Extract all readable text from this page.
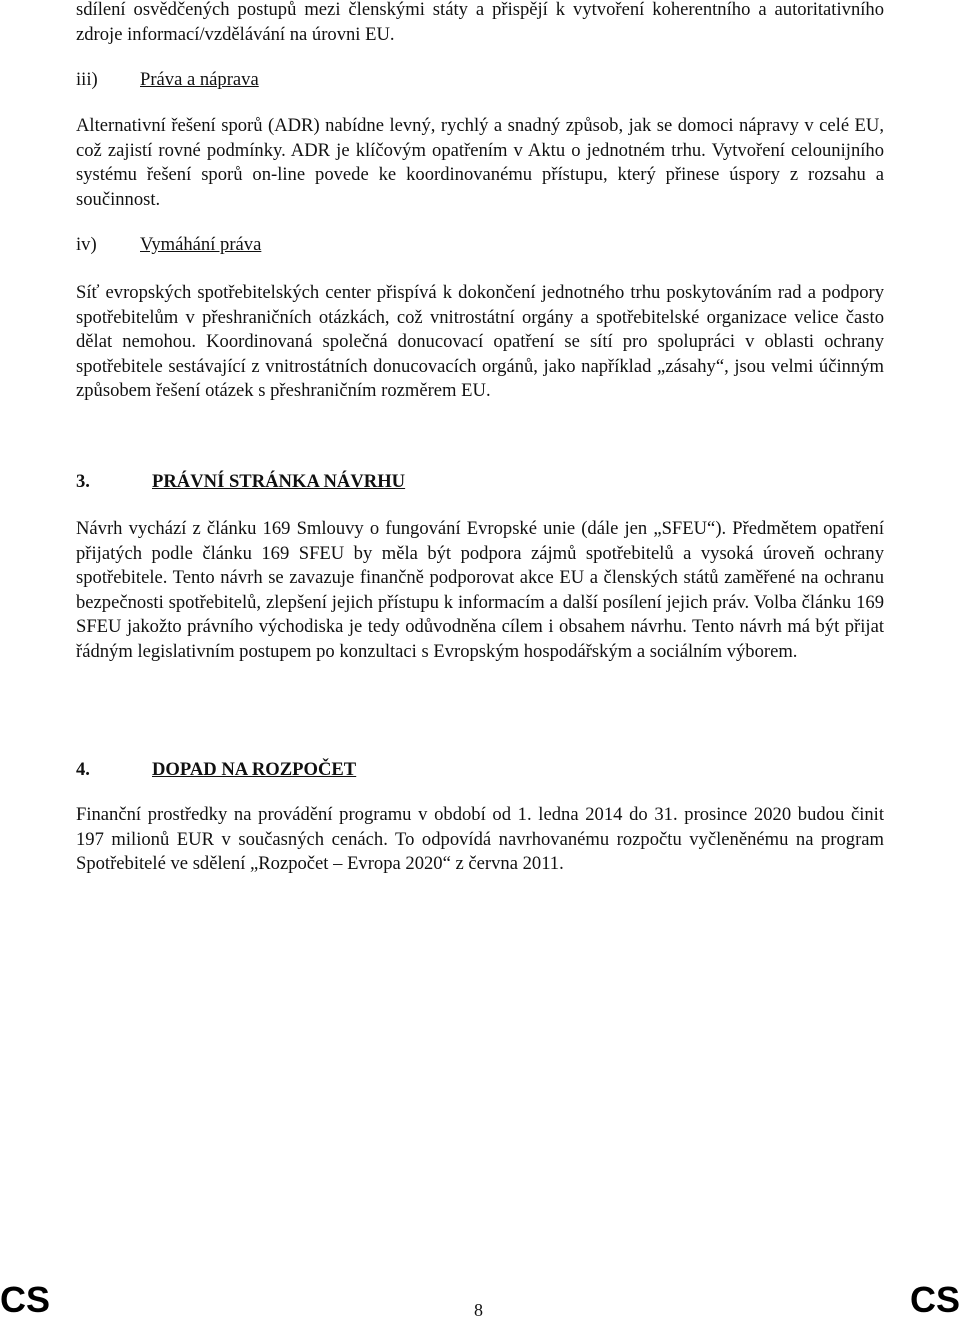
sdílení osvědčených postupů mezi členskými státy a přispějí k vytvoření koherentního a autoritativního zdroje informací/vzdělávání na úrovni EU.

iii) Práva a náprava

Alternativní řešení sporů (ADR) nabídne levný, rychlý a snadný způsob, jak se domoci nápravy v celé EU, což zajistí rovné podmínky. ADR je klíčovým opatřením v Aktu o jednotném trhu. Vytvoření celounijního systému řešení sporů on-line povede ke koordinovanému přístupu, který přinese úspory z rozsahu a součinnost.

iv) Vymáhání práva

Síť evropských spotřebitelských center přispívá k dokončení jednotného trhu poskytováním rad a podpory spotřebitelům v přeshraničních otázkách, což vnitrostátní orgány a spotřebitelské organizace velice často dělat nemohou. Koordinovaná společná donucovací opatření se sítí pro spolupráci v oblasti ochrany spotřebitele sestávající z vnitrostátních donucovacích orgánů, jako například „zásahy“, jsou velmi účinným způsobem řešení otázek s přeshraničním rozměrem EU.

3.	PRÁVNÍ STRÁNKA NÁVRHU

Návrh vychází z článku 169 Smlouvy o fungování Evropské unie (dále jen „SFEU“). Předmětem opatření přijatých podle článku 169 SFEU by měla být podpora zájmů spotřebitelů a vysoká úroveň ochrany spotřebitele. Tento návrh se zavazuje finančně podporovat akce EU a členských států zaměřené na ochranu bezpečnosti spotřebitelů, zlepšení jejich přístupu k informacím a další posílení jejich práv. Volba článku 169 SFEU jakožto právního východiska je tedy odůvodněna cílem i obsahem návrhu. Tento návrh má být přijat řádným legislativním postupem po konzultaci s Evropským hospodářským a sociálním výborem.

4.	DOPAD NA ROZPOČET

Finanční prostředky na provádění programu v období od 1. ledna 2014 do 31. prosince 2020 budou činit 197 milionů EUR v současných cenách. To odpovídá navrhovanému rozpočtu vyčleněnému na program Spotřebitelé ve sdělení „Rozpočet – Evropa 2020“ z června 2011.

CS	8	CS
